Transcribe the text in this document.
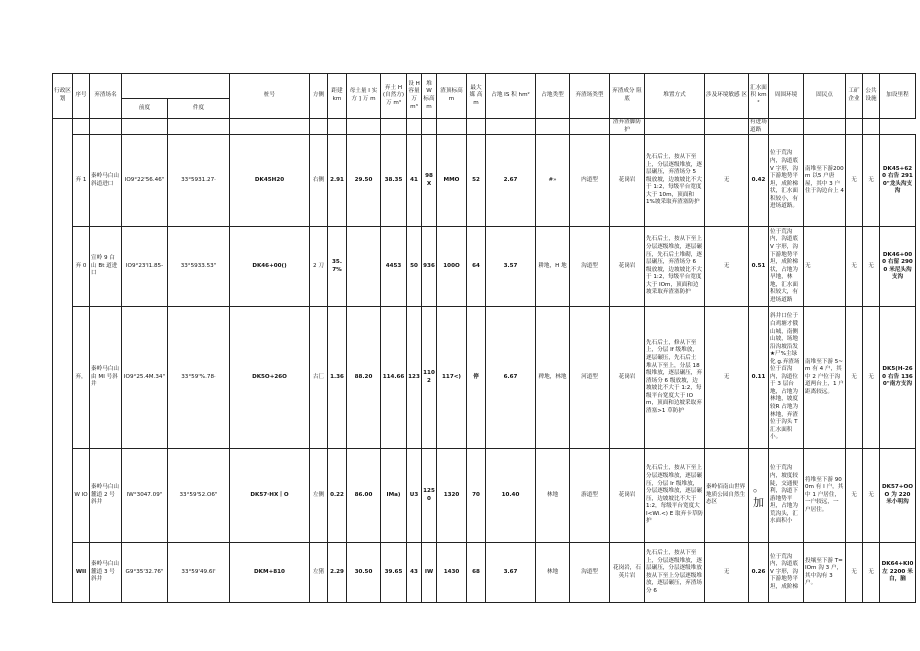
行政区划	序号	弃渣场名			桩号	方侧	距建 km	母土量 I 实方 ] 万 m	弃土 H(自然方)万 m³	设 H 容量 万 m³	堆 W 标高 m	渣顶标高 m	最大媒 高 m	占地 IS 积 hm²	占地类型	弃渣场类型	弃渣成分 阻底	堆置方式	涉及环境敏感 区	汇水面积 km²	周围环境	固民点	工矿企业	公共设施	加设里程
			前度	件度																					
																	渣弃渣脚防护			有进场道路					
	弃 1	秦岭马白山斜道进口	IO9°22'56.46"	33°5931.27·	DK45H20	右侧	2.91	29.50	38.35	41	98X	MMO	52	2.67	#»	内道型	花岗岩	先石后土，按从下至上，分层逐级堆放，逐层碾压，弃渣场分 5 级放坡，边坡坡比不大于 1:2，每级平台宽度大于 10m，顶面和 1%坡采取弃渣塞防护	无	0.42	位于荒沟内，沟道底 V 字形，沟下游地势平坦，成阶梯状，汇水面积较小，有进场道路。	南堆至下游200m 以5 户唐屋，其中 3 户住于沟边台上 4	无	无	DK45+620 右告 2910"龙头沟支沟
	弃 0	宣岭 9 白山 Bt 道进口	IO9°23'I1.85-	33°5933.53"	DK46+00()	2 刀	35.7%		4453	50	936	100O	64	3.57	耕地，H 地	沟道型	花岗岩	先石后土，按从下至上分层逐级堆放，逐层碾压，先石后土堆砌，逐层碾压，弃渣场分 6 级放坡，边坡坡比不大于 1:2，每级平台宽度大于 IOm，顶面和边坡采取弃渣塞防护	无	0.51	位于荒沟内，沟道底 V 字形，沟下游地势平坦，成阶梯状，占地为旱地，林地，汇水面积较大，有进场道路	无	无	无	DK46+000 右留 2900 米尼头沟支沟
	弃，	秦岭马白山由 MI 号斜井	IO9°25.4M.34"	33°59'%.78·	DK5O+26O	古匚	1.36	88.20	114.66	123	1102	117<)	停	6.67	稗地，林地	河道型	花岗岩	先石后土，修从下至上，分层 If 级堆放，逐层碾压，先石后土 堆从下至上，分层 18 级堆放，逐层碾压，弃渣场分 6 级放坡，边坡坡比不大于 1:2，每级平台宽度大于 IOm，顶面和边坡采取弃渣塞>1 草防护	无	0.11	斜井口位于白鸡塘才俄山城，南侧山坡，场地沿沟坡沿发 ★尸%主绿化 g.弃渣场位于首沟内，沟道位于 3 层台地，占地为林地，坡度较R 占地为林地，弃渣位于沟头 T 汇水面积小。	南堆至下游 5~m 有 4 户，其中 2 户位于沟道两台上，1 户距离较远。	无	无	DK5(H-260 右告 1360"南方支沟
	W IO	秦岭马白山麓道 2 号斜井	IW°3047.09"	33°59'52.O6"	DK57·HX丨O	左侧	0.22	86.00	IMa)	U3	1250	1320	70	10.40	林地	游道型	花岗岩	先石后土，按从下至上分层逐级堆放，逐层碾压，分层 Ir 级堆放，分层逐级堆放，逐层碾压，边坡坡比不大于 1:2，每级平台宽度大 I<Wi.<) E 取弃卡草防护	秦岭佰南山世界地质公园自然生态区	。加	位于荒沟内，坡度较陡，交通便利，沟道下游地势平坦，占地为荒沟头，汇水面积小	将堆至下游 900m 有 I 户，其中 1 户居住，一户较远，一户居住。	无	无	DK57+OOO 为 220 米小明沟
	WII	秦岭马白山麓道 3 号斜井	G9°35'32.76"	33°59'49.6I'	DKM+810	左猪	2.29	30.50	39.65	43	IW	1430	68	3.67	林地	沟道型	花岗岩，石英片岩	先石后土，按从下至上，分层逐级堆放，逐层碾压，分层逐级堆放按从下至上分层逐级堆放，逐层碾压，弃渣场分 6	无	0.26	位于荒沟内，沟道底 V 字形，沟下游地势平坦，成阶梯	投壤至下游 T=IOm 沟 3 户，其中沟有 3 户。	无	无	DK64+KI0 左 2200 米白，脑
